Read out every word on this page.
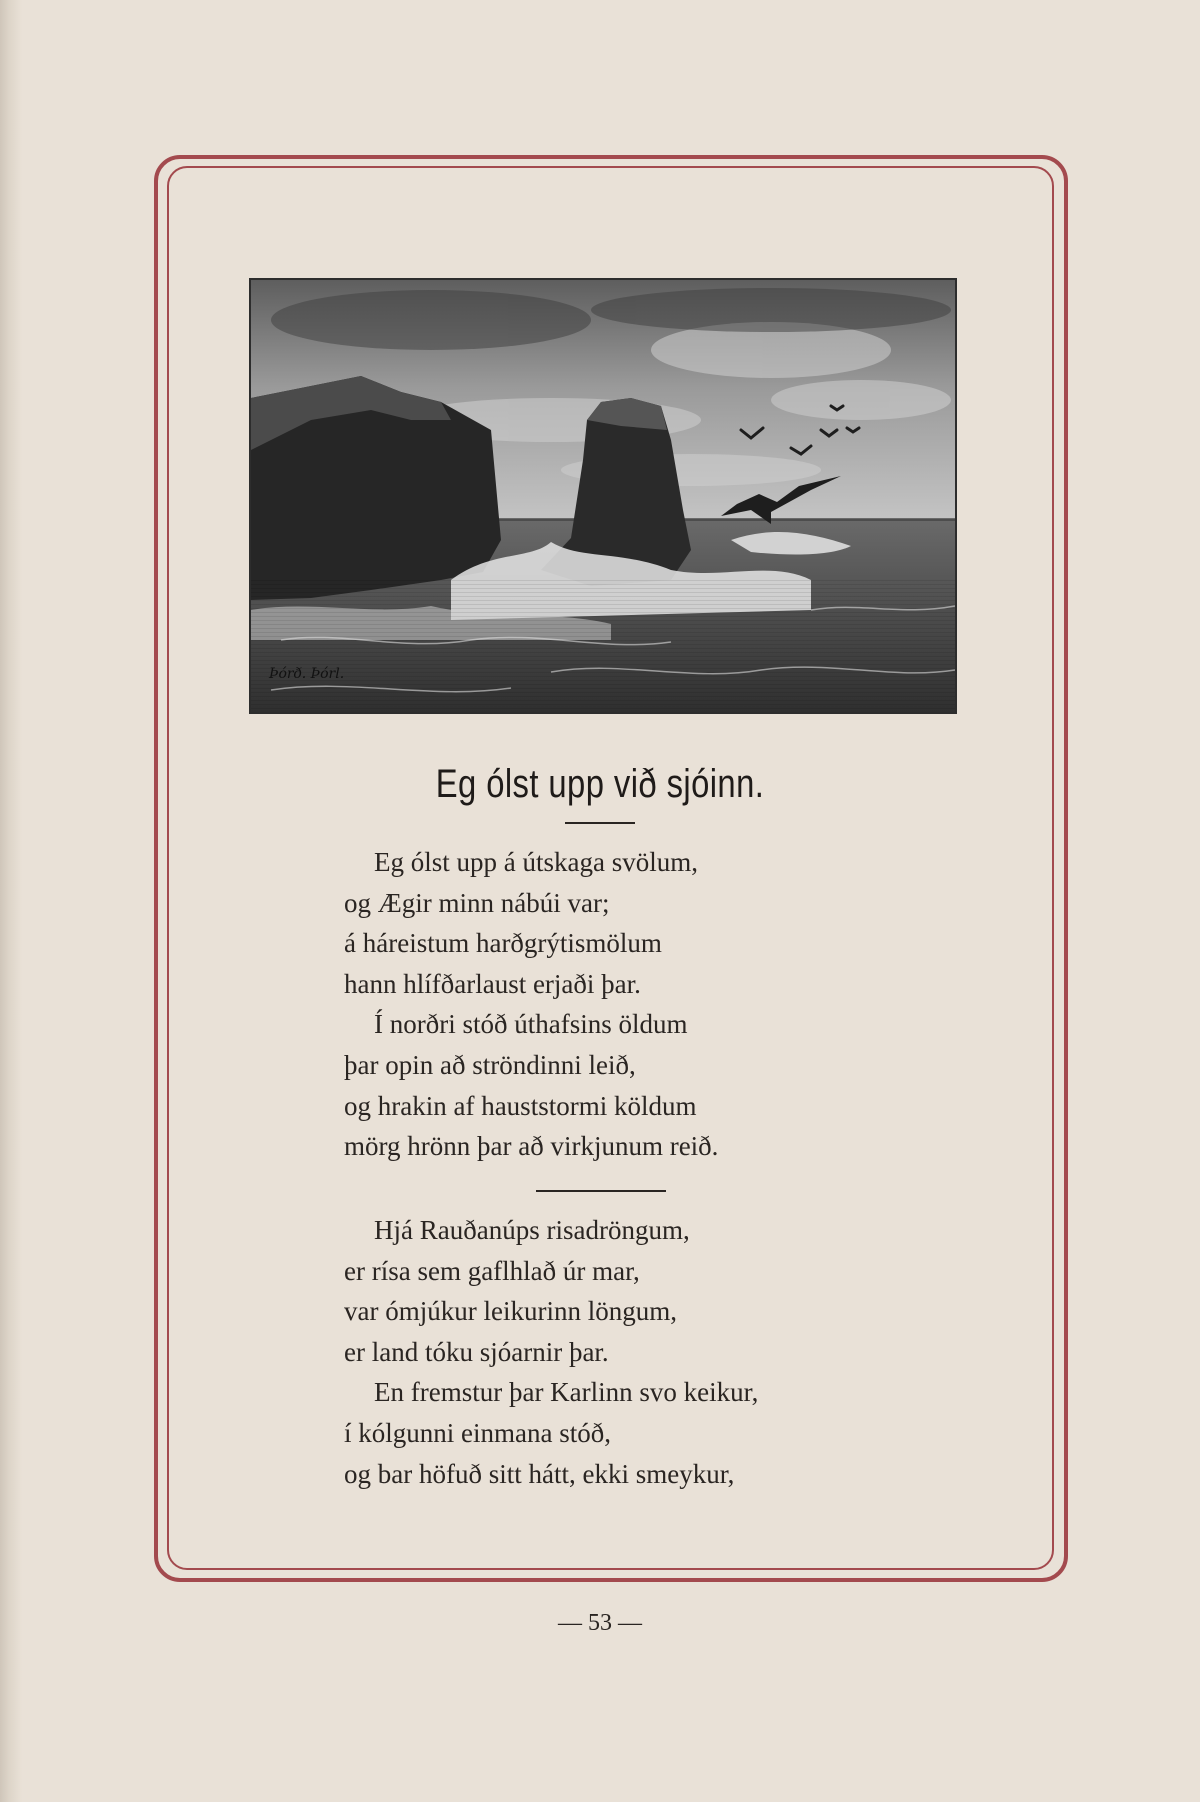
Þórð. Þórl.
Eg ólst upp við sjóinn.
Eg ólst upp á útskaga svölum,
og Ægir minn nábúi var;
á háreistum harðgrýtismölum
hann hlífðarlaust erjaði þar.
Í norðri stóð úthafsins öldum
þar opin að ströndinni leið,
og hrakin af hauststormi köldum
mörg hrönn þar að virkjunum reið.
Hjá Rauðanúps risadröngum,
er rísa sem gaflhlað úr mar,
var ómjúkur leikurinn löngum,
er land tóku sjóarnir þar.
En fremstur þar Karlinn svo keikur,
í kólgunni einmana stóð,
og bar höfuð sitt hátt, ekki smeykur,
— 53 —
